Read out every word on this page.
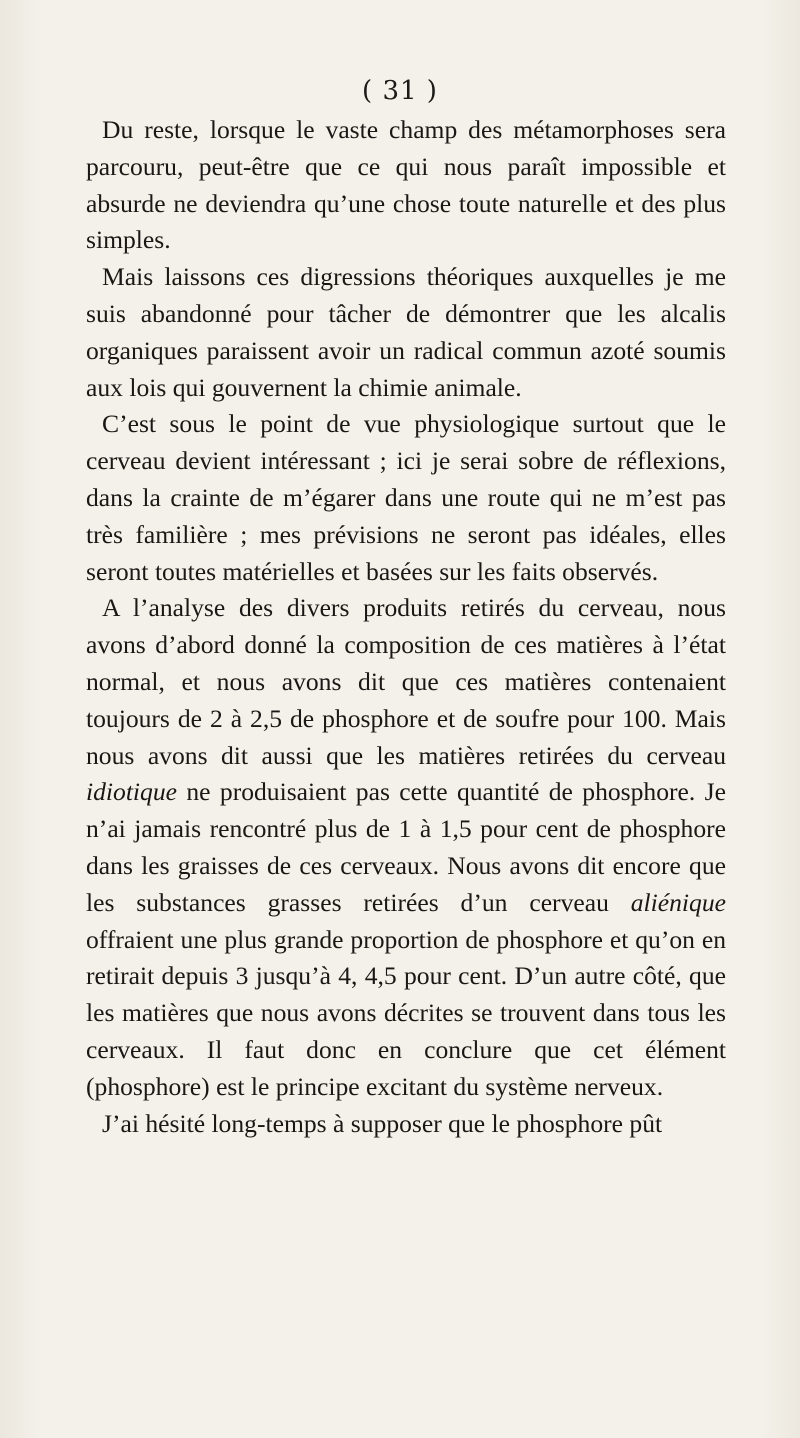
( 31 )

Du reste, lorsque le vaste champ des métamorphoses sera parcouru, peut-être que ce qui nous paraît impossible et absurde ne deviendra qu’une chose toute naturelle et des plus simples.

Mais laissons ces digressions théoriques auxquelles je me suis abandonné pour tâcher de démontrer que les alcalis organiques paraissent avoir un radical commun azoté soumis aux lois qui gouvernent la chimie animale.

C’est sous le point de vue physiologique surtout que le cerveau devient intéressant ; ici je serai sobre de réflexions, dans la crainte de m’égarer dans une route qui ne m’est pas très familière ; mes prévisions ne seront pas idéales, elles seront toutes matérielles et basées sur les faits observés.

A l’analyse des divers produits retirés du cerveau, nous avons d’abord donné la composition de ces matières à l’état normal, et nous avons dit que ces matières contenaient toujours de 2 à 2,5 de phosphore et de soufre pour 100. Mais nous avons dit aussi que les matières retirées du cerveau idiotique ne produisaient pas cette quantité de phosphore. Je n’ai jamais rencontré plus de 1 à 1,5 pour cent de phosphore dans les graisses de ces cerveaux. Nous avons dit encore que les substances grasses retirées d’un cerveau aliénique offraient une plus grande proportion de phosphore et qu’on en retirait depuis 3 jusqu’à 4, 4,5 pour cent. D’un autre côté, que les matières que nous avons décrites se trouvent dans tous les cerveaux. Il faut donc en conclure que cet élément (phosphore) est le principe excitant du système nerveux.

J’ai hésité long-temps à supposer que le phosphore pût
